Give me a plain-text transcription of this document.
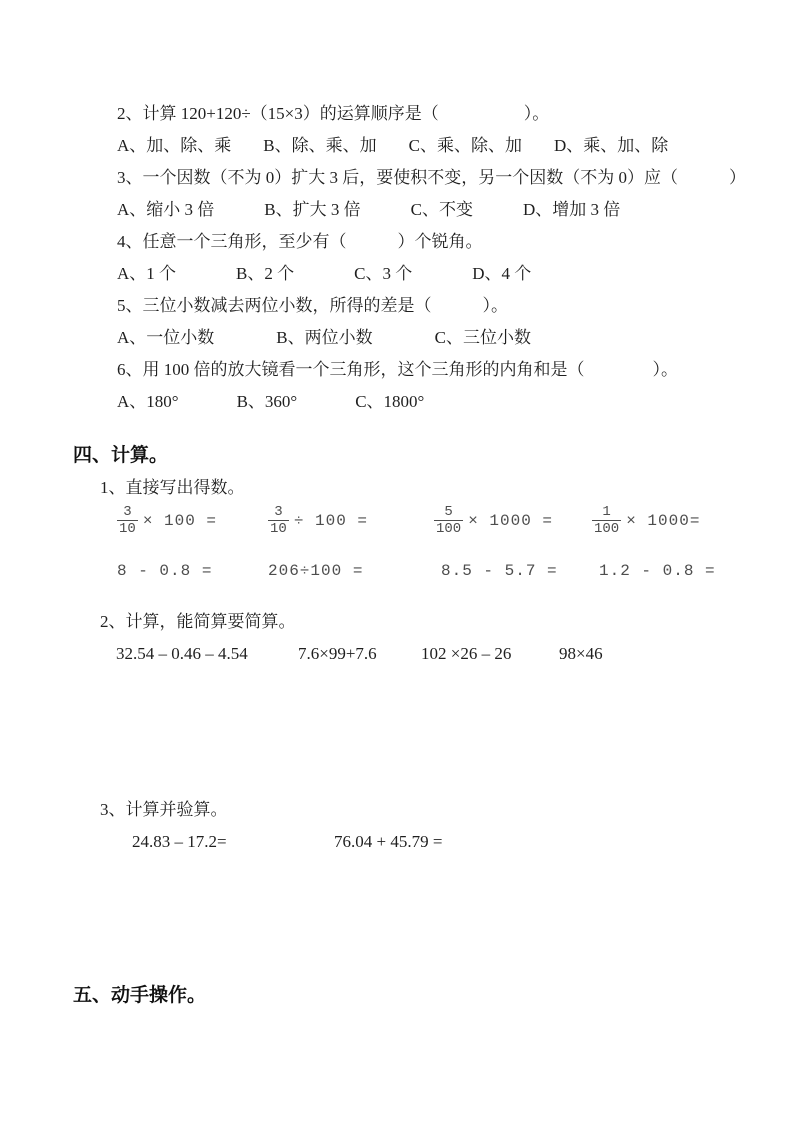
2、计算 120+120÷（15×3）的运算顺序是（　　　　　）。
A、加、除、乘 B、除、乘、加 C、乘、除、加 D、乘、加、除
3、一个因数（不为 0）扩大 3 后，要使积不变，另一个因数（不为 0）应（　　　）
A、缩小 3 倍	B、扩大 3 倍	C、不变	D、增加 3 倍
4、任意一个三角形，至少有（　　　）个锐角。
A、1 个	B、2 个	C、3 个	D、4 个
5、三位小数减去两位小数，所得的差是（　　　）。
A、一位小数	B、两位小数	C、三位小数
6、用 100 倍的放大镜看一个三角形，这个三角形的内角和是（　　　　）。
A、180°	B、360°	C、1800°
四、计算。
1、直接写出得数。
$\frac{3}{10} \times 100$ =	$\frac{3}{10} \div 100$ =	$\frac{5}{100} \times 1000$ =	$\frac{1}{100} \times 1000=$
8 - 0.8 =	206÷100 =	8.5 - 5.7 =	1.2 - 0.8 =
2、计算，能简算要简算。
32.54 – 0.46 – 4.54	7.6×99+7.6	102 ×26 – 26	98×46
3、计算并验算。
24.83 – 17.2=	76.04 + 45.79 =
五、动手操作。
